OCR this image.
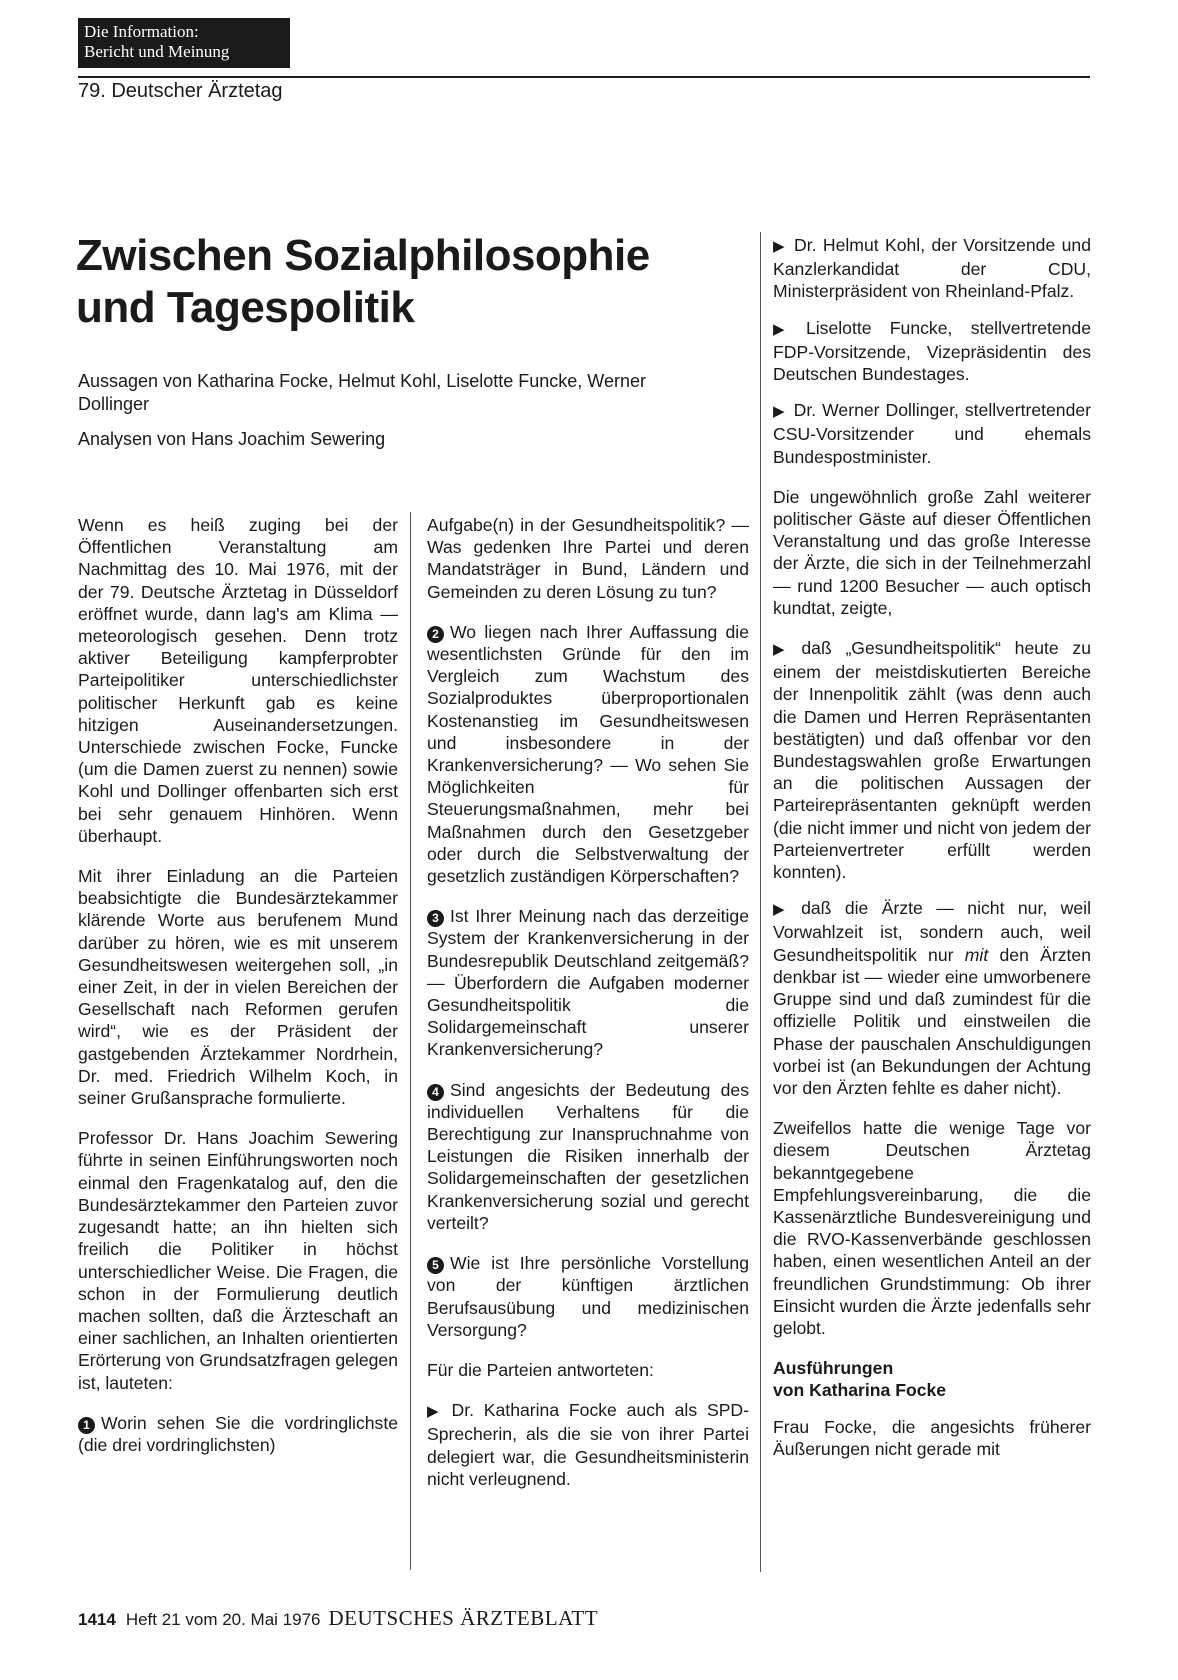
Die Information:
Bericht und Meinung
79. Deutscher Ärztetag
Zwischen Sozialphilosophie und Tagespolitik

Aussagen von Katharina Focke, Helmut Kohl, Liselotte Funcke, Werner Dollinger

Analysen von Hans Joachim Sewering

Wenn es heiß zuging bei der Öffentlichen Veranstaltung am Nachmittag des 10. Mai 1976, mit der der 79. Deutsche Ärztetag in Düsseldorf eröffnet wurde, dann lag's am Klima — meteorologisch gesehen. Denn trotz aktiver Beteiligung kampferprobter Parteipolitiker unterschiedlichster politischer Herkunft gab es keine hitzigen Auseinandersetzungen. Unterschiede zwischen Focke, Funcke (um die Damen zuerst zu nennen) sowie Kohl und Dollinger offenbarten sich erst bei sehr genauem Hinhören. Wenn überhaupt.

Mit ihrer Einladung an die Parteien beabsichtigte die Bundesärztekammer klärende Worte aus berufenem Mund darüber zu hören, wie es mit unserem Gesundheitswesen weitergehen soll, „in einer Zeit, in der in vielen Bereichen der Gesellschaft nach Reformen gerufen wird“, wie es der Präsident der gastgebenden Ärztekammer Nordrhein, Dr. med. Friedrich Wilhelm Koch, in seiner Grußansprache formulierte.

Professor Dr. Hans Joachim Sewering führte in seinen Einführungsworten noch einmal den Fragenkatalog auf, den die Bundesärztekammer den Parteien zuvor zugesandt hatte; an ihn hielten sich freilich die Politiker in höchst unterschiedlicher Weise. Die Fragen, die schon in der Formulierung deutlich machen sollten, daß die Ärzteschaft an einer sachlichen, an Inhalten orientierten Erörterung von Grundsatzfragen gelegen ist, lauteten:

1 Worin sehen Sie die vordringlichste (die drei vordringlichsten)

Aufgabe(n) in der Gesundheitspolitik? — Was gedenken Ihre Partei und deren Mandatsträger in Bund, Ländern und Gemeinden zu deren Lösung zu tun?

2 Wo liegen nach Ihrer Auffassung die wesentlichsten Gründe für den im Vergleich zum Wachstum des Sozialproduktes überproportionalen Kostenanstieg im Gesundheitswesen und insbesondere in der Krankenversicherung? — Wo sehen Sie Möglichkeiten für Steuerungsmaßnahmen, mehr bei Maßnahmen durch den Gesetzgeber oder durch die Selbstverwaltung der gesetzlich zuständigen Körperschaften?

3 Ist Ihrer Meinung nach das derzeitige System der Krankenversicherung in der Bundesrepublik Deutschland zeitgemäß? — Überfordern die Aufgaben moderner Gesundheitspolitik die Solidargemeinschaft unserer Krankenversicherung?

4 Sind angesichts der Bedeutung des individuellen Verhaltens für die Berechtigung zur Inanspruchnahme von Leistungen die Risiken innerhalb der Solidargemeinschaften der gesetzlichen Krankenversicherung sozial und gerecht verteilt?

5 Wie ist Ihre persönliche Vorstellung von der künftigen ärztlichen Berufsausübung und medizinischen Versorgung?

Für die Parteien antworteten:

▶ Dr. Katharina Focke auch als SPD-Sprecherin, als die sie von ihrer Partei delegiert war, die Gesundheitsministerin nicht verleugnend.

▶ Dr. Helmut Kohl, der Vorsitzende und Kanzlerkandidat der CDU, Ministerpräsident von Rheinland-Pfalz.

▶ Liselotte Funcke, stellvertretende FDP-Vorsitzende, Vizepräsidentin des Deutschen Bundestages.

▶ Dr. Werner Dollinger, stellvertretender CSU-Vorsitzender und ehemals Bundespostminister.

Die ungewöhnlich große Zahl weiterer politischer Gäste auf dieser Öffentlichen Veranstaltung und das große Interesse der Ärzte, die sich in der Teilnehmerzahl — rund 1200 Besucher — auch optisch kundtat, zeigte,

▶ daß „Gesundheitspolitik“ heute zu einem der meistdiskutierten Bereiche der Innenpolitik zählt (was denn auch die Damen und Herren Repräsentanten bestätigten) und daß offenbar vor den Bundestagswahlen große Erwartungen an die politischen Aussagen der Parteirepräsentanten geknüpft werden (die nicht immer und nicht von jedem der Parteienvertreter erfüllt werden konnten).

▶ daß die Ärzte — nicht nur, weil Vorwahlzeit ist, sondern auch, weil Gesundheitspolitik nur mit den Ärzten denkbar ist — wieder eine umworbenere Gruppe sind und daß zumindest für die offizielle Politik und einstweilen die Phase der pauschalen Anschuldigungen vorbei ist (an Bekundungen der Achtung vor den Ärzten fehlte es daher nicht).

Zweifellos hatte die wenige Tage vor diesem Deutschen Ärztetag bekanntgegebene Empfehlungsvereinbarung, die die Kassenärztliche Bundesvereinigung und die RVO-Kassenverbände geschlossen haben, einen wesentlichen Anteil an der freundlichen Grundstimmung: Ob ihrer Einsicht wurden die Ärzte jedenfalls sehr gelobt.

Ausführungen
von Katharina Focke

Frau Focke, die angesichts früherer Äußerungen nicht gerade mit

1414 Heft 21 vom 20. Mai 1976 DEUTSCHES ÄRZTEBLATT
